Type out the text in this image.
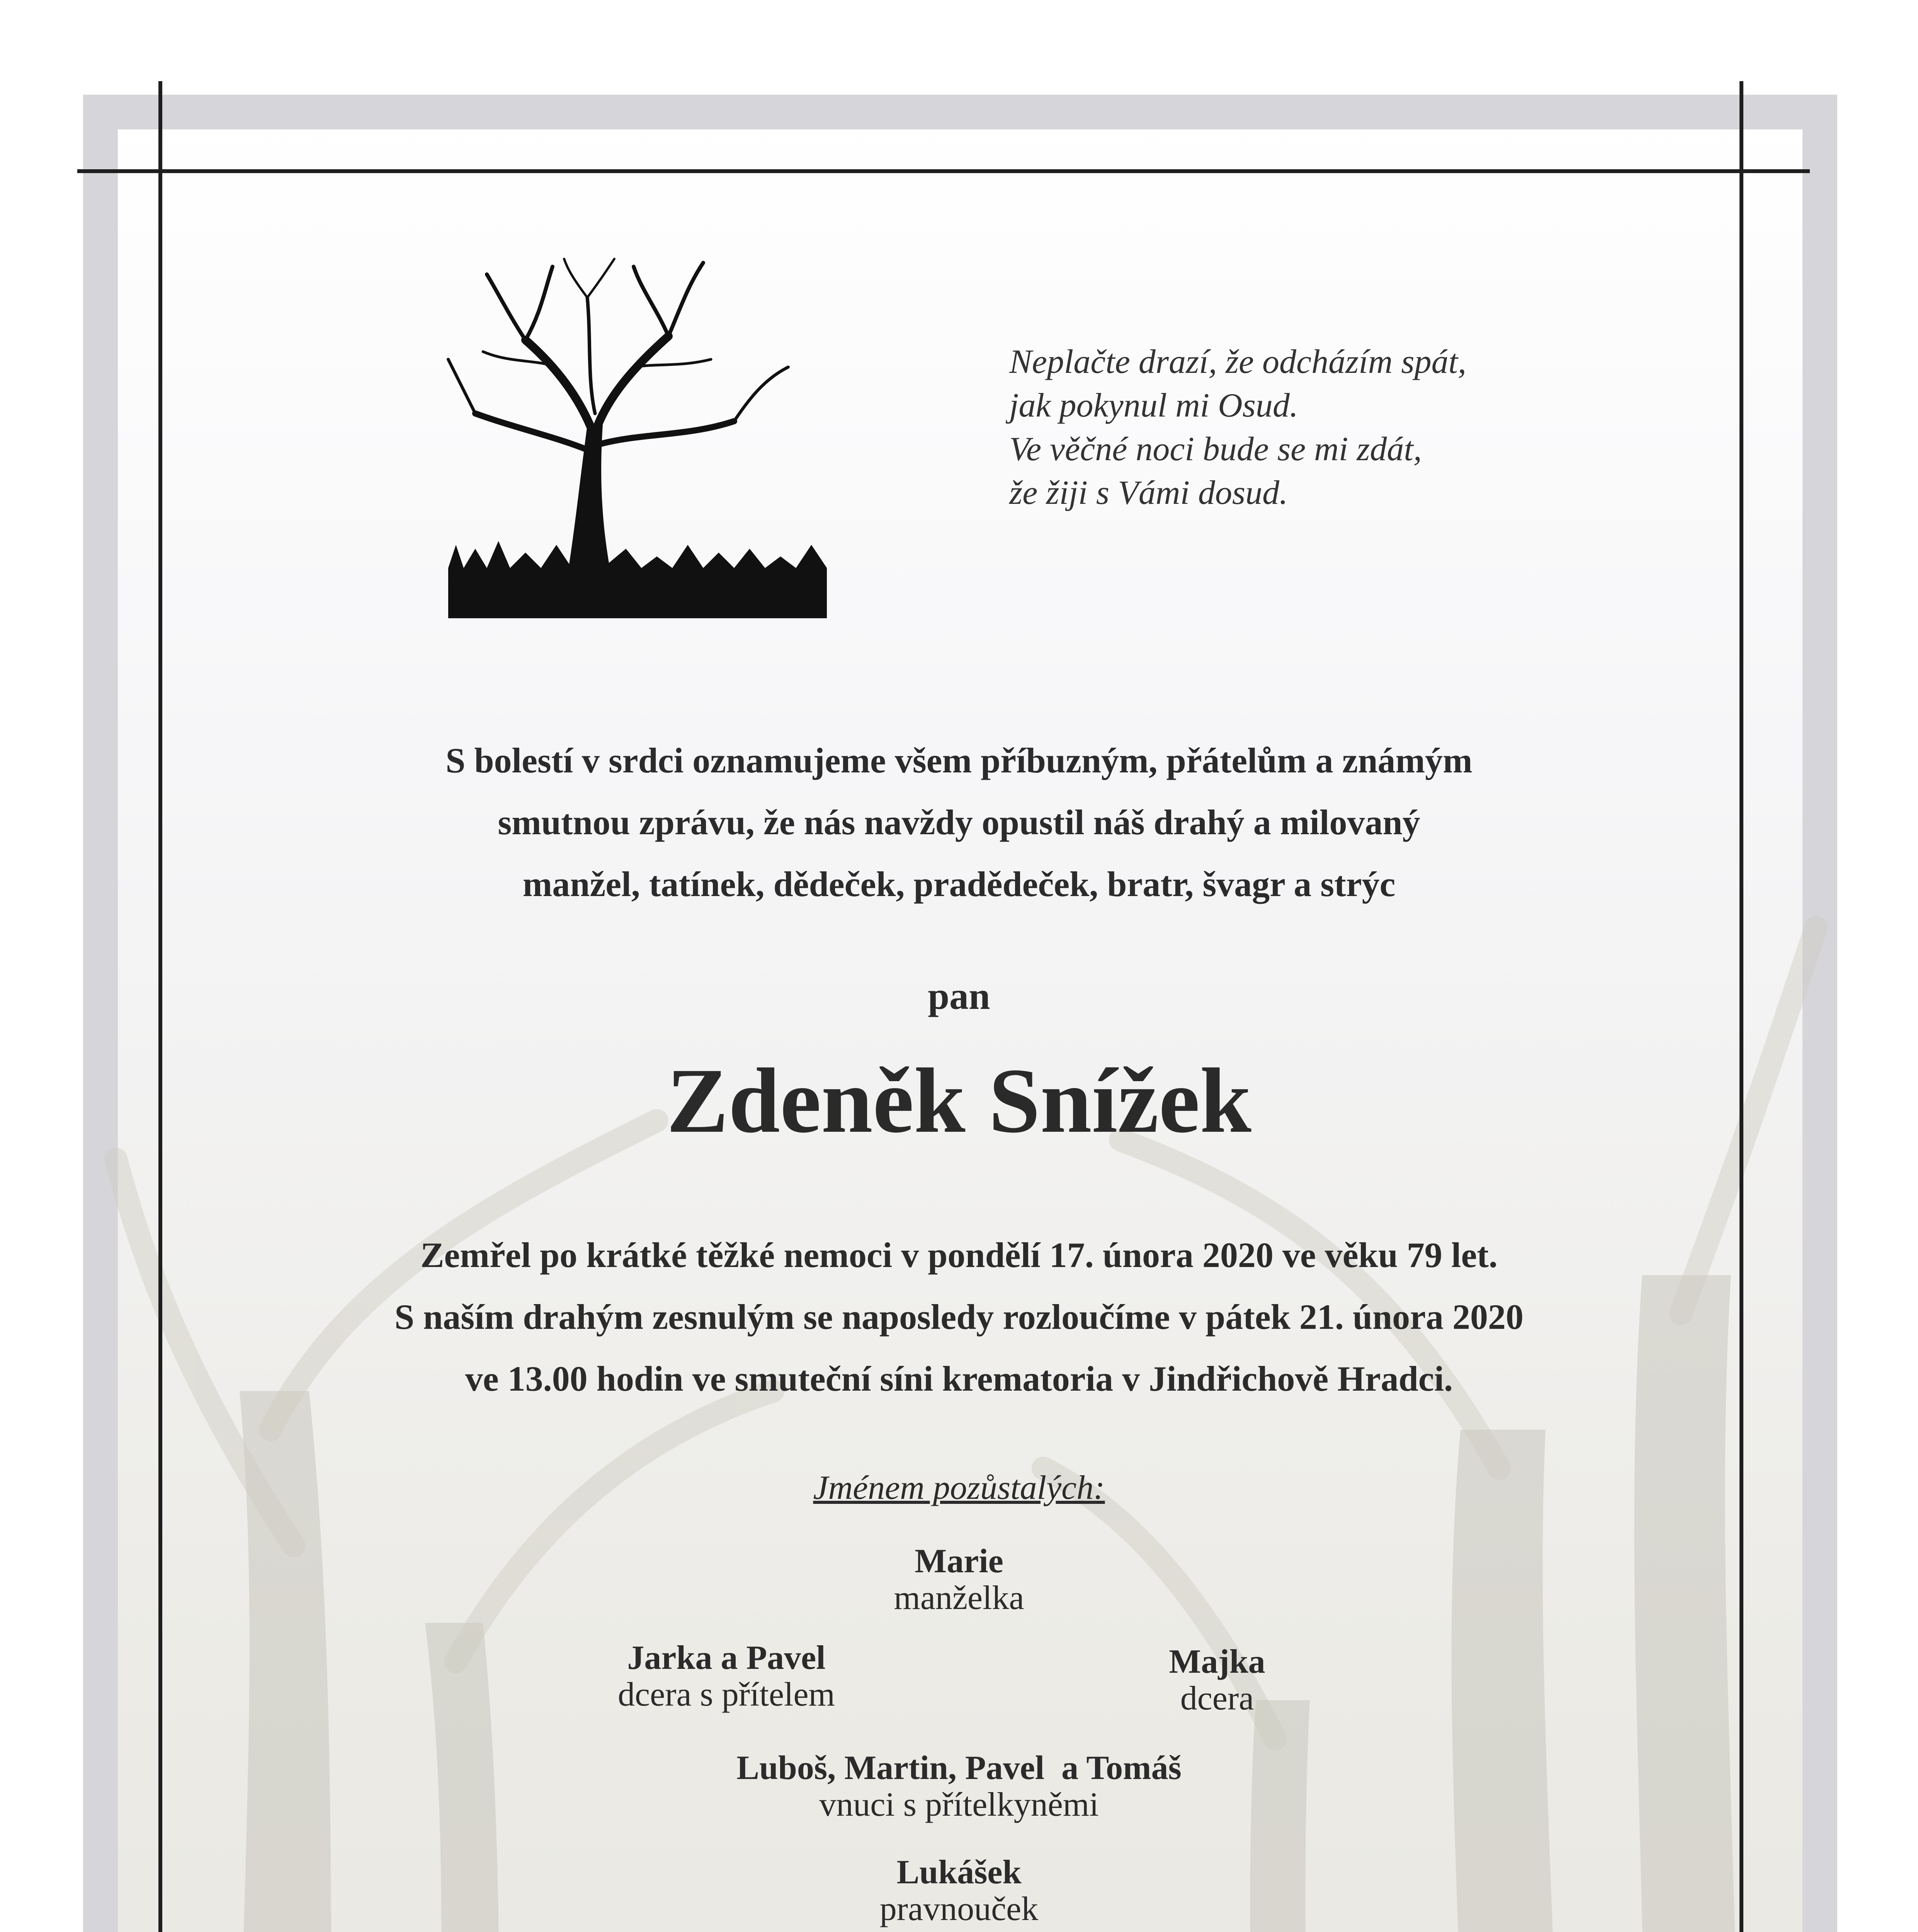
Neplačte drazí, že odcházím spát,
jak pokynul mi Osud.
Ve věčné noci bude se mi zdát,
že žiji s Vámi dosud.
S bolestí v srdci oznamujeme všem příbuzným, přátelům a známým
smutnou zprávu, že nás navždy opustil náš drahý a milovaný
manžel, tatínek, dědeček, pradědeček, bratr, švagr a strýc
pan
Zdeněk Snížek
Zemřel po krátké těžké nemoci v pondělí 17. února 2020 ve věku 79 let.
S naším drahým zesnulým se naposledy rozloučíme v pátek 21. února 2020
ve 13.00 hodin ve smuteční síni krematoria v Jindřichově Hradci.
Jménem pozůstalých:
Marie
manželka
Jarka a Pavel
dcera s přítelem
Majka
dcera
Luboš, Martin, Pavel  a Tomáš
vnuci s přítelkyněmi
Lukášek
pravnouček
